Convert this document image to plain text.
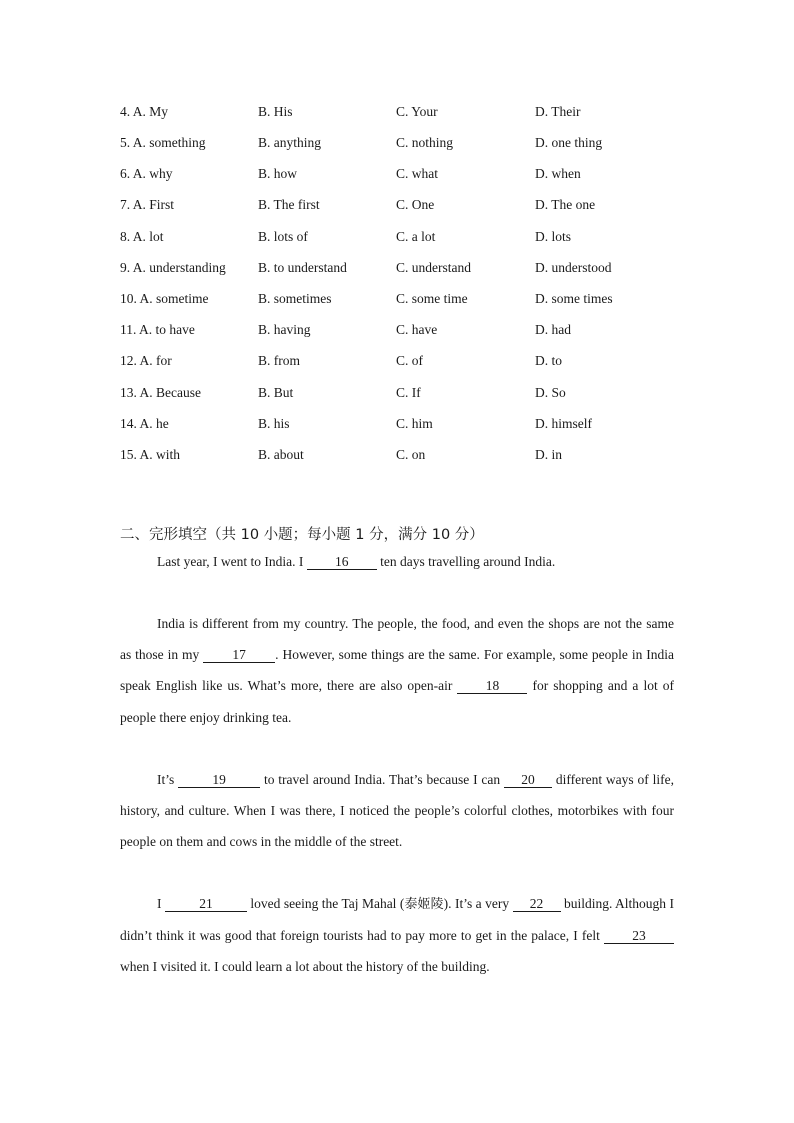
4. A. My	B. His	C. Your	D. Their
5. A. something	B. anything	C. nothing	D. one thing
6. A. why	B. how	C. what	D. when
7. A. First	B. The first	C. One	D. The one
8. A. lot	B. lots of	C. a lot	D. lots
9. A. understanding B. to understand	C. understand	D. understood
10. A. sometime	B. sometimes	C. some time	D. some times
11. A. to have	B. having	C. have	D. had
12. A. for	B. from	C. of	D. to
13. A. Because	B. But	C. If	D. So
14. A. he	B. his	C. him	D. himself
15. A. with	B. about	C. on	D. in
二、完形填空（共 10 小题；每小题 1 分，满分 10 分）
Last year, I went to India. I 16 ten days travelling around India.
India is different from my country. The people, the food, and even the shops are not the same as those in my 17 . However, some things are the same. For example, some people in India speak English like us. What’s more, there are also open-air 18 for shopping and a lot of people there enjoy drinking tea.
It’s	19	to travel around India. That’s because I can 20 different ways of life, history, and culture. When I was there, I noticed the people’s colorful clothes, motorbikes with four people on them and cows in the middle of the street.
I	21	loved seeing the Taj Mahal (泰姬陵). It’s a very 22 building. Although I didn’t think it was good that foreign tourists had to pay more to get in the palace, I felt 23 when I visited it. I could learn a lot about the history of the building.
